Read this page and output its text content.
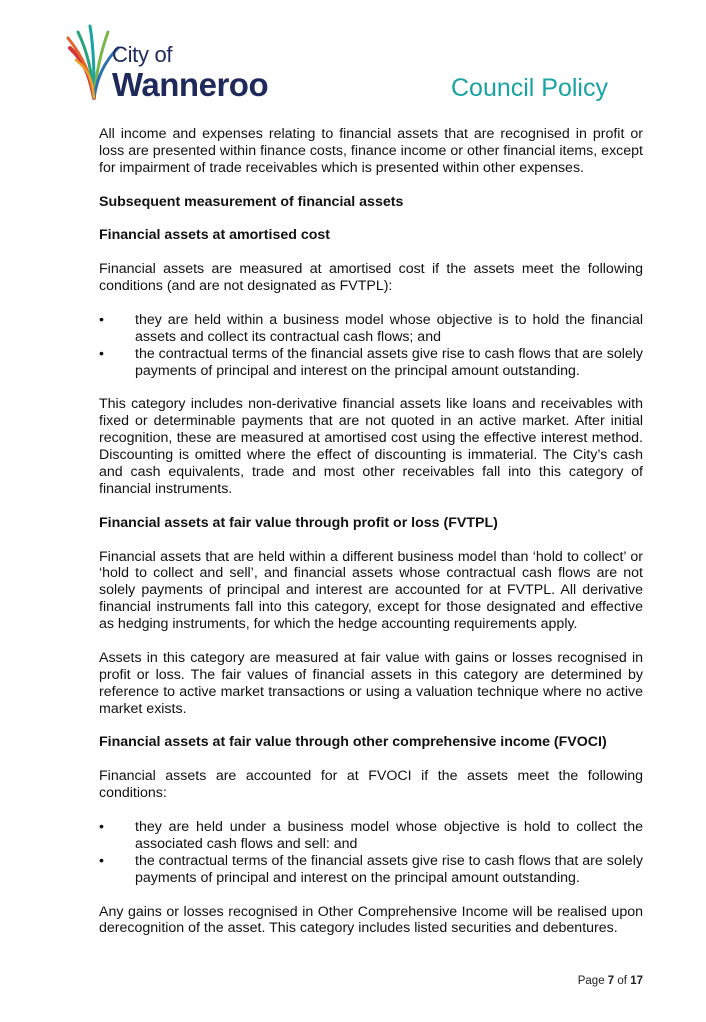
City of
Wanneroo	Council Policy

All income and expenses relating to financial assets that are recognised in profit or loss are presented within finance costs, finance income or other financial items, except for impairment of trade receivables which is presented within other expenses.

Subsequent measurement of financial assets
Financial assets at amortised cost

Financial assets are measured at amortised cost if the assets meet the following conditions (and are not designated as FVTPL):

• they are held within a business model whose objective is to hold the financial assets and collect its contractual cash flows; and
• the contractual terms of the financial assets give rise to cash flows that are solely payments of principal and interest on the principal amount outstanding.

This category includes non-derivative financial assets like loans and receivables with fixed or determinable payments that are not quoted in an active market. After initial recognition, these are measured at amortised cost using the effective interest method. Discounting is omitted where the effect of discounting is immaterial. The City’s cash and cash equivalents, trade and most other receivables fall into this category of financial instruments.

Financial assets at fair value through profit or loss (FVTPL)

Financial assets that are held within a different business model than ‘hold to collect’ or ‘hold to collect and sell’, and financial assets whose contractual cash flows are not solely payments of principal and interest are accounted for at FVTPL. All derivative financial instruments fall into this category, except for those designated and effective as hedging instruments, for which the hedge accounting requirements apply.

Assets in this category are measured at fair value with gains or losses recognised in profit or loss. The fair values of financial assets in this category are determined by reference to active market transactions or using a valuation technique where no active market exists.

Financial assets at fair value through other comprehensive income (FVOCI)

Financial assets are accounted for at FVOCI if the assets meet the following conditions:

• they are held under a business model whose objective is hold to collect the associated cash flows and sell: and
• the contractual terms of the financial assets give rise to cash flows that are solely payments of principal and interest on the principal amount outstanding.

Any gains or losses recognised in Other Comprehensive Income will be realised upon derecognition of the asset. This category includes listed securities and debentures.

Page 7 of 17
